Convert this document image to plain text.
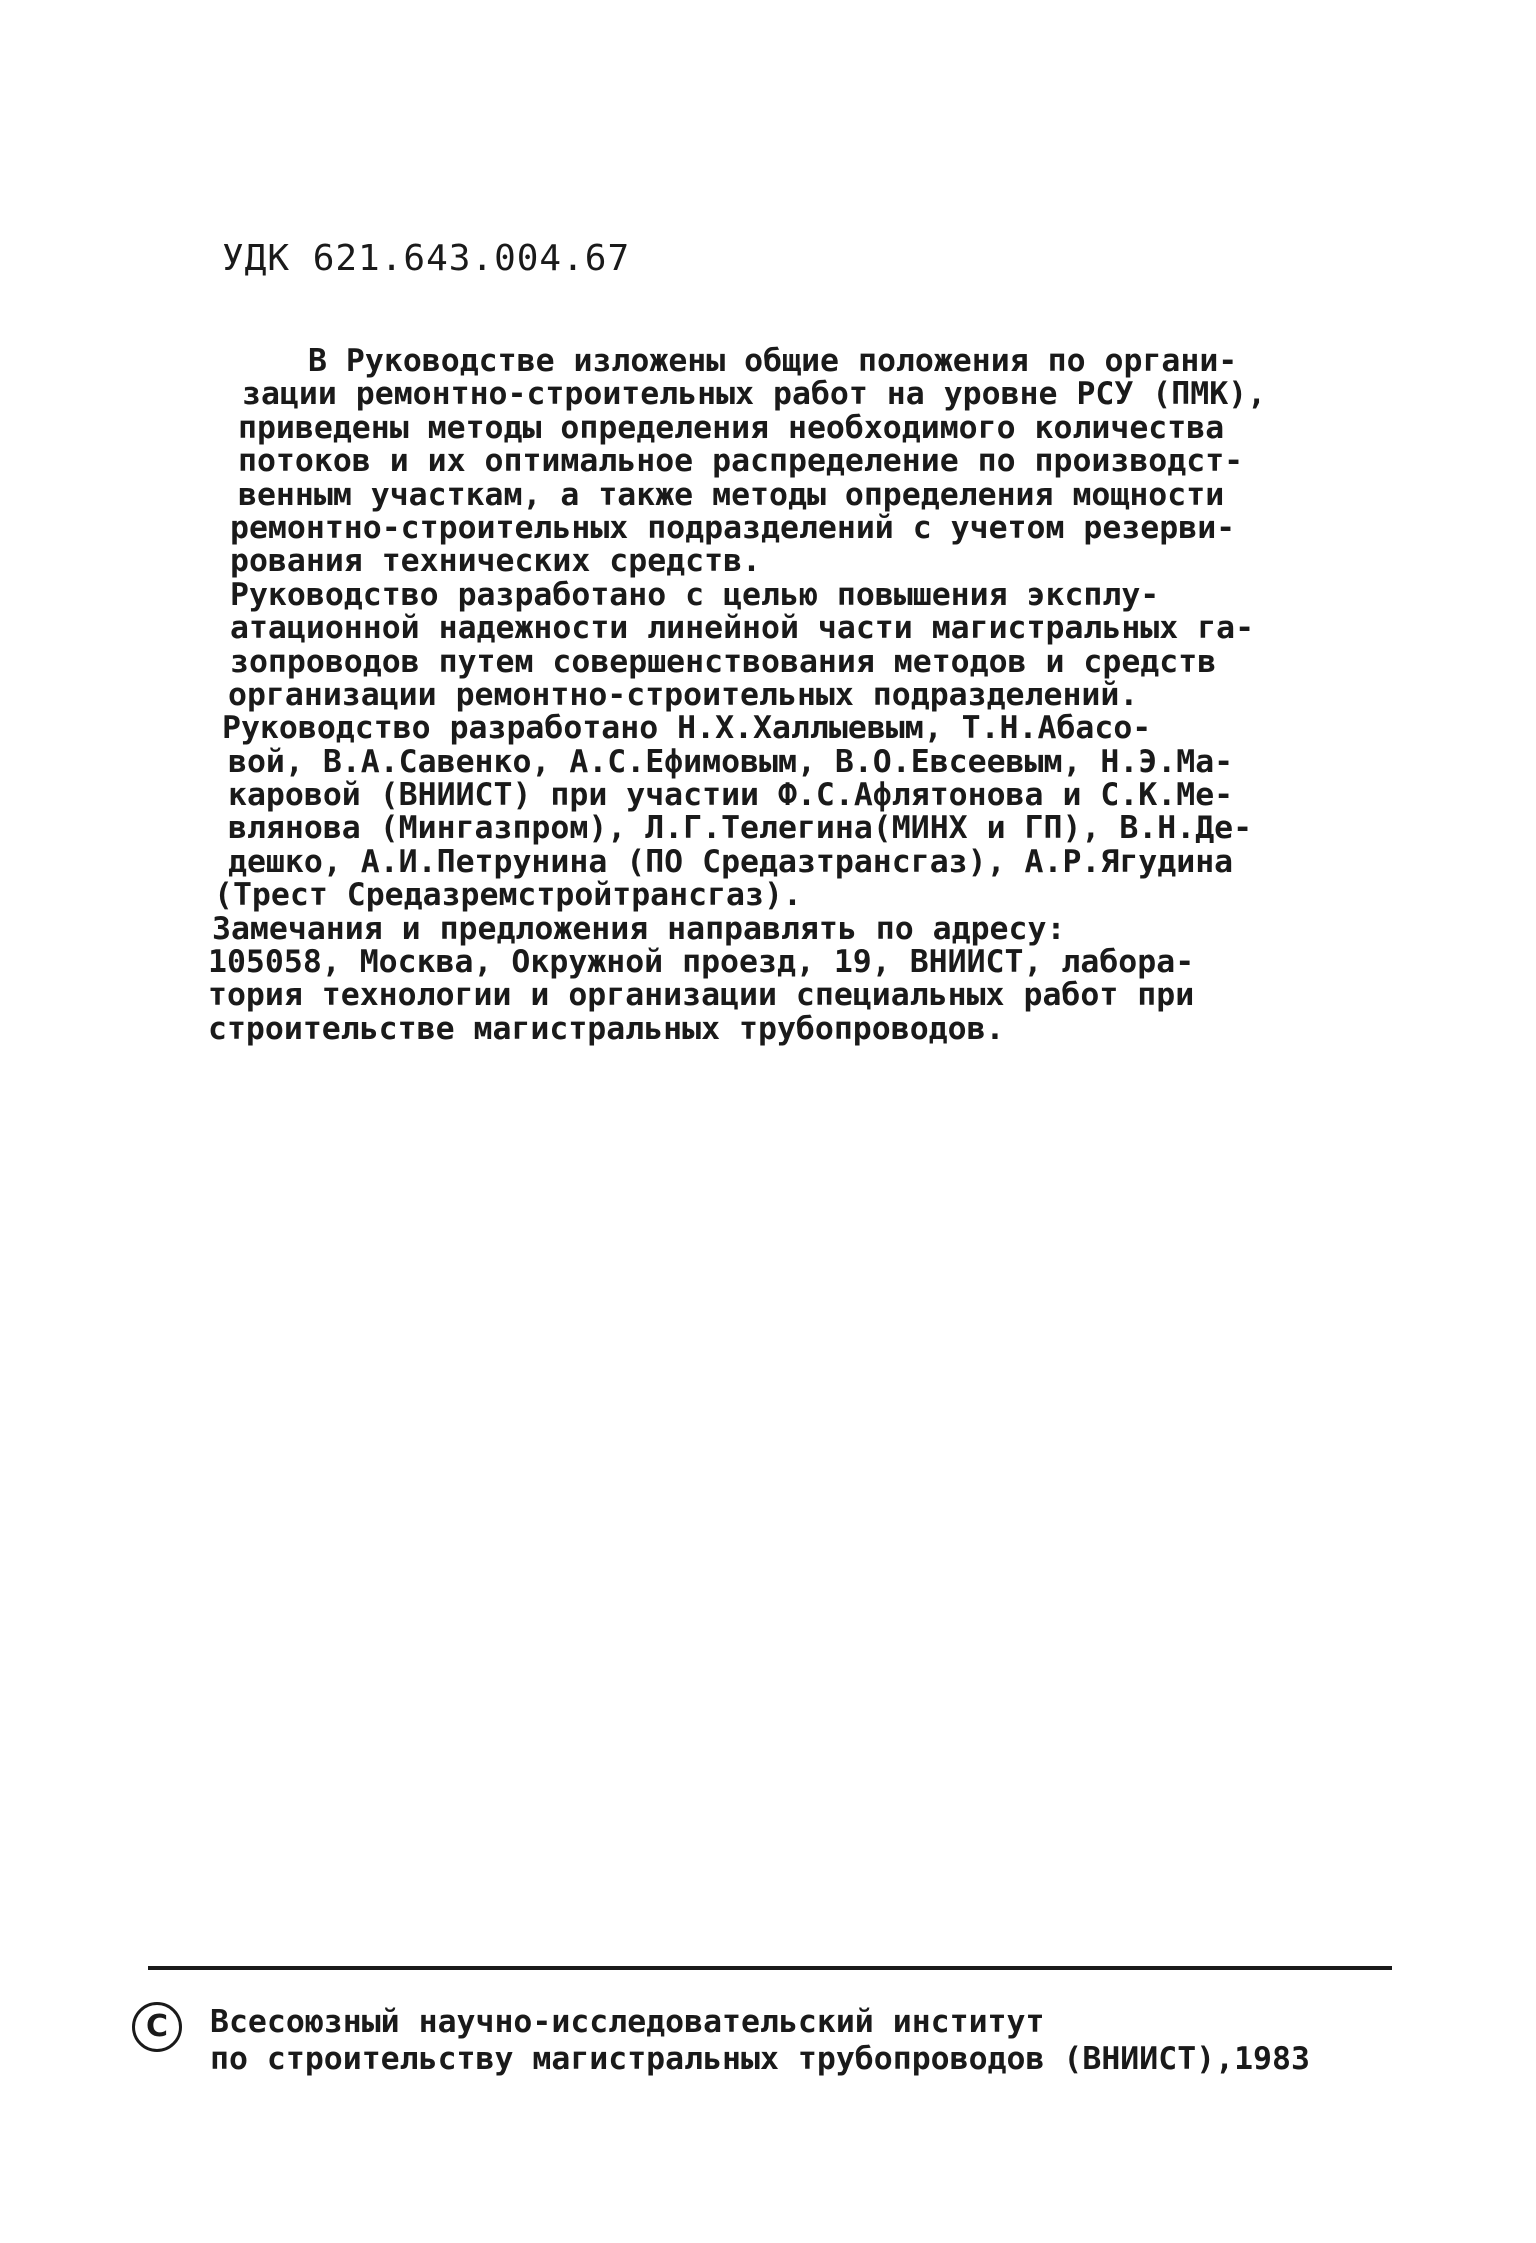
УДК 621.643.004.67
В Руководстве изложены общие положения по органи-
зации ремонтно-строительных работ на уровне РСУ (ПМК),
приведены методы определения необходимого количества
потоков и их оптимальное распределение по производст-
венным участкам, а также методы определения мощности
ремонтно-строительных подразделений с учетом резерви-
рования технических средств.
Руководство разработано с целью повышения эксплу-
атационной надежности линейной части магистральных га-
зопроводов путем совершенствования методов и средств
организации ремонтно-строительных подразделений.
Руководство разработано Н.Х.Халлыевым, Т.Н.Абасо-
вой, В.А.Савенко, А.С.Ефимовым, В.О.Евсеевым, Н.Э.Ма-
каровой (ВНИИСТ) при участии Ф.С.Афлятонова и С.К.Ме-
влянова (Мингазпром), Л.Г.Телегина(МИНХ и ГП), В.Н.Де-
дешко, А.И.Петрунина (ПО Средазтрансгаз), А.Р.Ягудина
(Трест Средазремстройтрансгаз).
Замечания и предложения направлять по адресу:
105058, Москва, Окружной проезд, 19, ВНИИСТ, лабора-
тория технологии и организации специальных работ при
строительстве магистральных трубопроводов.
С	Всесоюзный научно-исследовательский институт
по строительству магистральных трубопроводов (ВНИИСТ),1983
